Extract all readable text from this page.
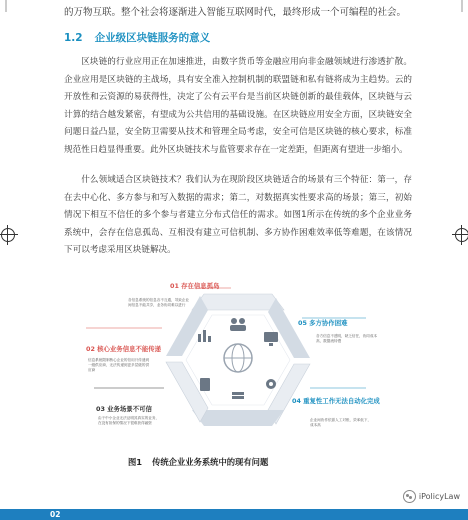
的万物互联。整个社会将逐渐进入智能互联网时代，最终形成一个可编程的社会。
1.2 企业级区块链服务的意义

区块链的行业应用正在加速推进，由数字货币等金融应用向非金融领域进行渗透扩散。企业应用是区块链的主战场，具有安全准入控制机制的联盟链和私有链将成为主趋势。云的开放性和云资源的易获得性，决定了公有云平台是当前区块链创新的最佳载体，区块链与云计算的结合越发紧密，有望成为公共信用的基础设施。在区块链应用安全方面，区块链安全问题日益凸显，安全防卫需要从技术和管理全局考虑，安全可信是区块链的核心要求，标准规范性日趋显得重要。此外区块链技术与监管要求存在一定差距，但距离有望进一步缩小。

什么领域适合区块链技术？我们认为在现阶段区块链适合的场景有三个特征：第一，存在去中心化、多方参与和写入数据的需求；第二，对数据真实性要求高的场景；第三，初始情况下相互不信任的多个参与者建立分布式信任的需求。如图1所示在传统的多个企业业务系统中，会存在信息孤岛、互相没有建立可信机制、多方协作困难效率低等难题，在该情况下可以考虑采用区块链解决。

01 存在信息孤岛
各信息系统的信息各不互通，导致企业间信息不能共享，业务协同难以进行
02 核心业务信息不能传递
信息系统限制核心企业的信用只传递到一级供应商，无法传递到更多层级的供应商
03 业务场景不可信
由于中小企业无法证明其真实的业务，在没有担保的情况下很难获得融资
04 重复性工作无法自动化完成
企业间协作依靠人工对账，效率低下，成本高
05 多方协作困难
各方信息不透明，缺乏信任，协同成本高，数据流转慢
图1 传统企业业务系统中的现有问题
iPolicyLaw
02
